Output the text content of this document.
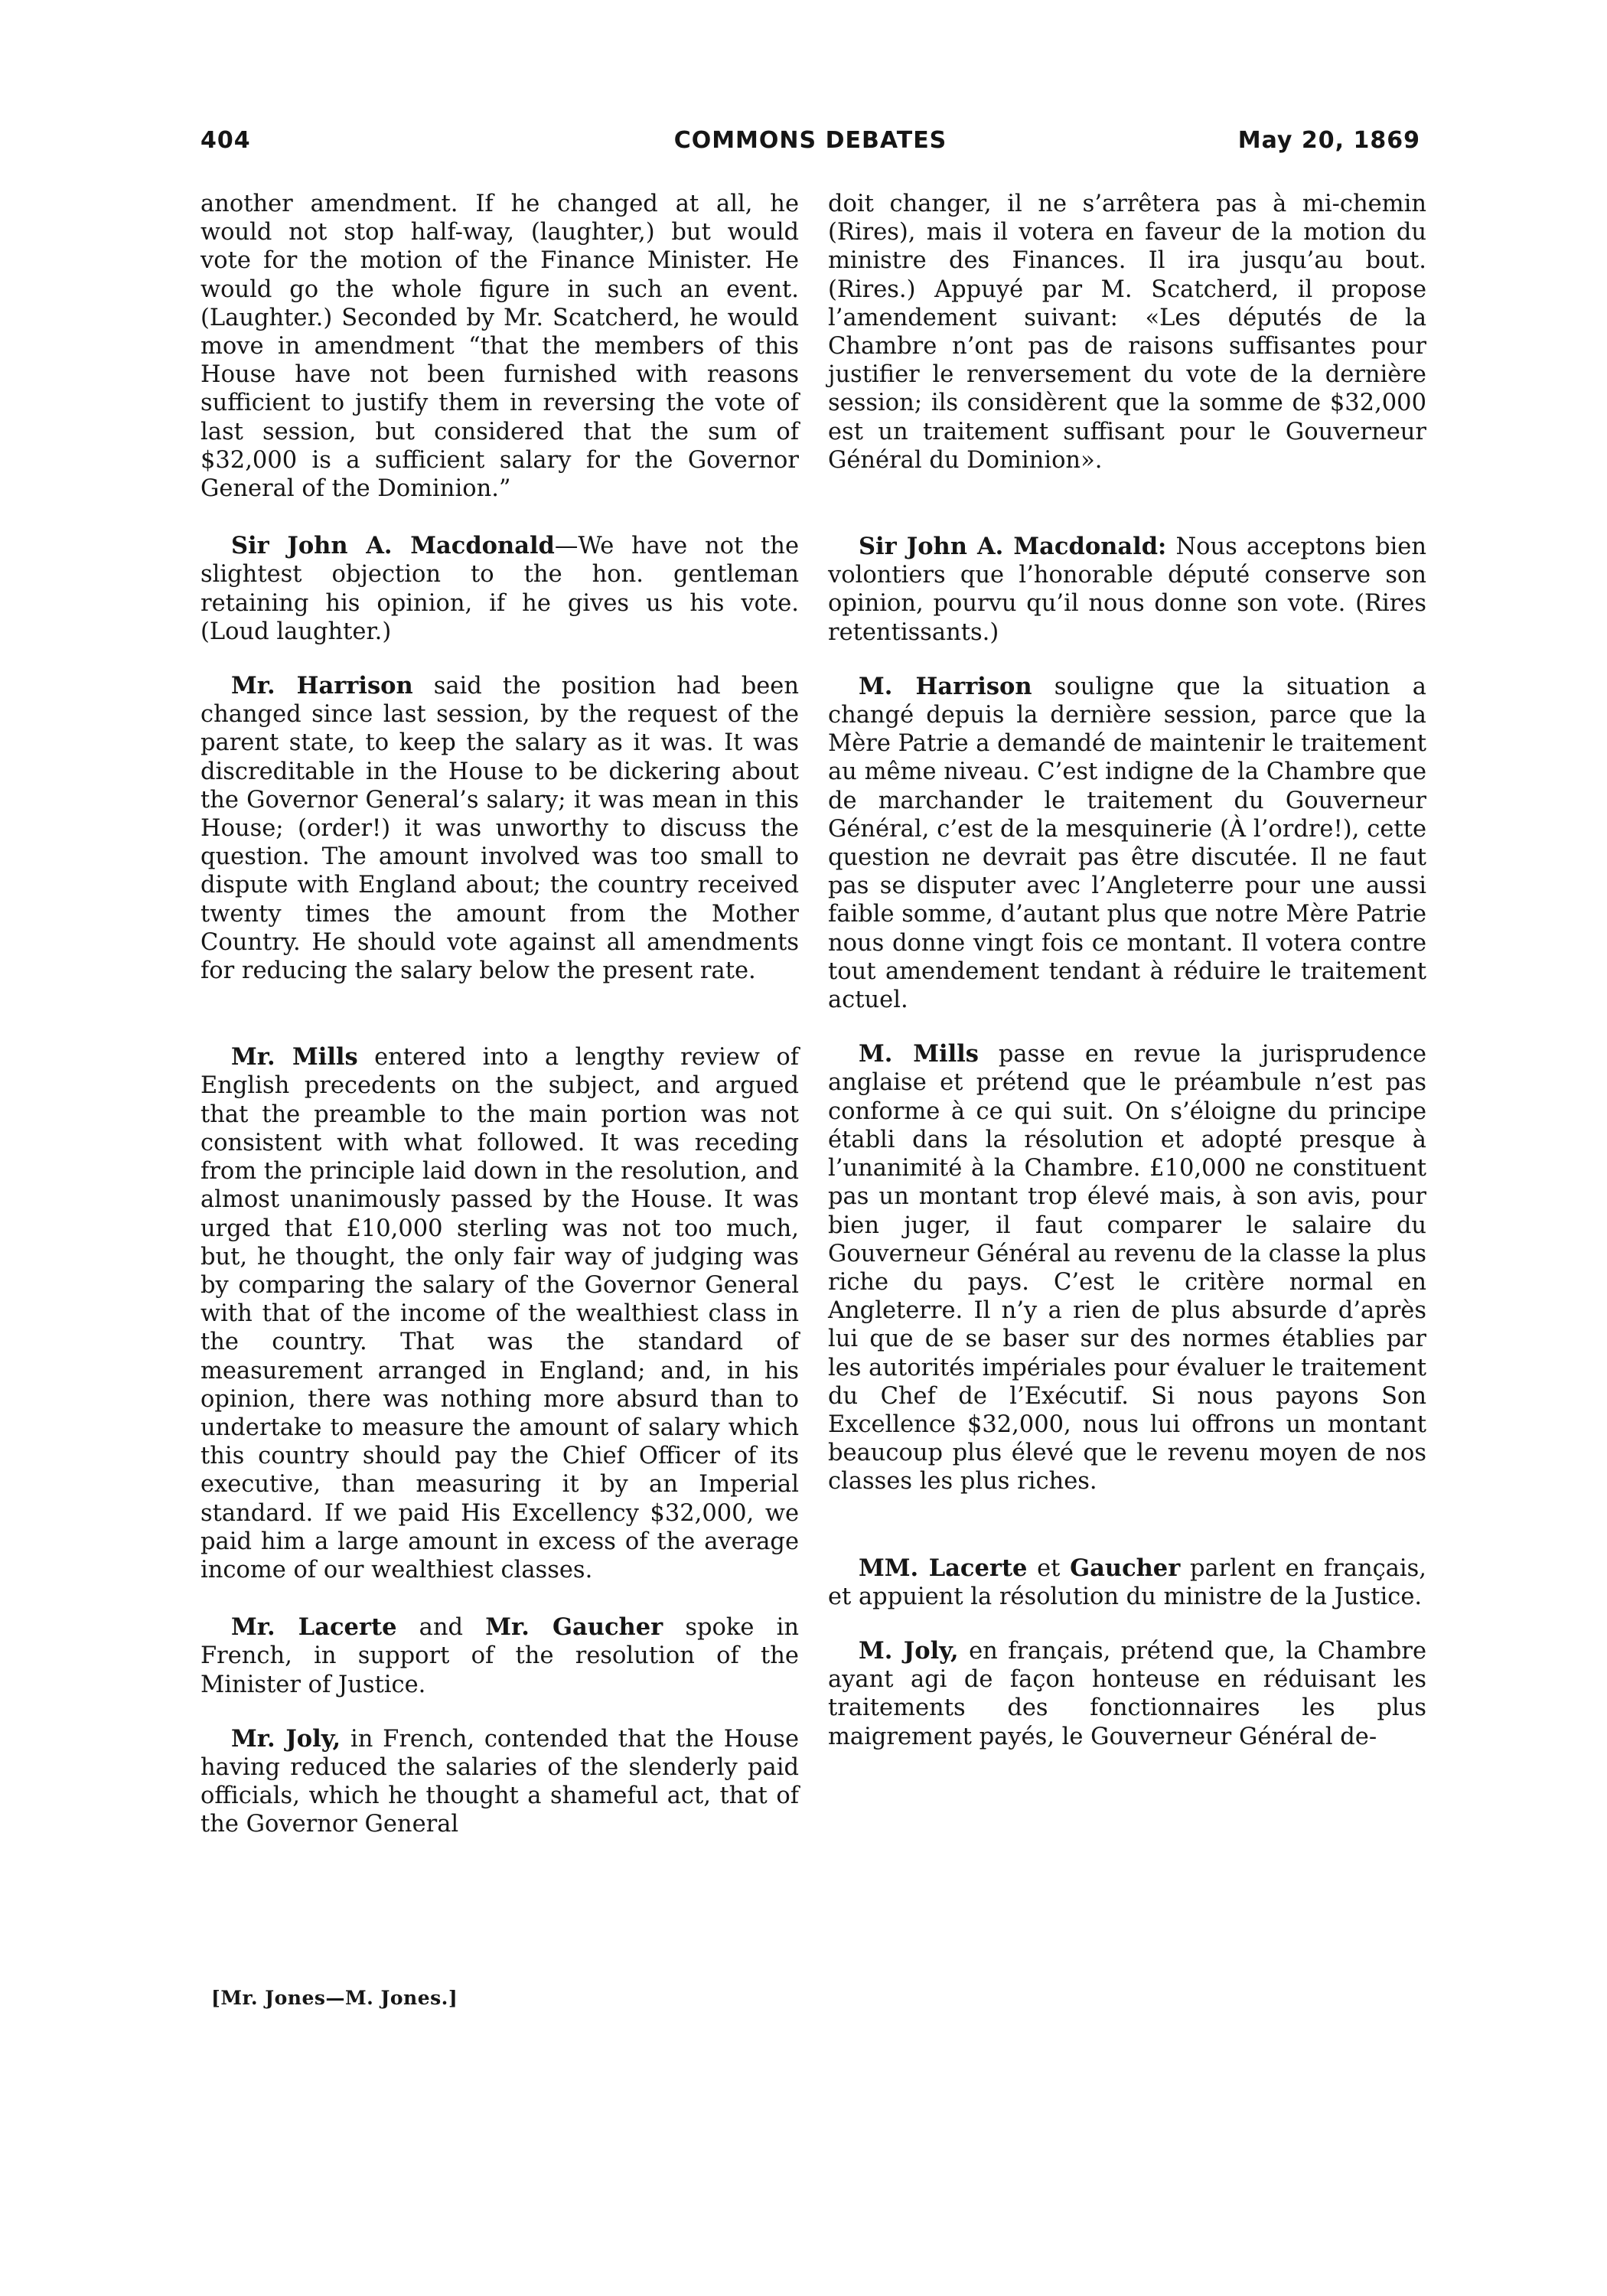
404	COMMONS DEBATES	May 20, 1869

another amendment. If he changed at all, he would not stop half-way, (laughter,) but would vote for the motion of the Finance Minister. He would go the whole figure in such an event. (Laughter.) Seconded by Mr. Scatcherd, he would move in amendment “that the members of this House have not been furnished with reasons sufficient to justify them in reversing the vote of last session, but considered that the sum of $32,000 is a sufficient salary for the Governor General of the Dominion.”

Sir John A. Macdonald—We have not the slightest objection to the hon. gentleman retaining his opinion, if he gives us his vote. (Loud laughter.)

Mr. Harrison said the position had been changed since last session, by the request of the parent state, to keep the salary as it was. It was discreditable in the House to be dickering about the Governor General’s salary; it was mean in this House; (order!) it was unworthy to discuss the question. The amount involved was too small to dispute with England about; the country received twenty times the amount from the Mother Country. He should vote against all amendments for reducing the salary below the present rate.

Mr. Mills entered into a lengthy review of English precedents on the subject, and argued that the preamble to the main portion was not consistent with what followed. It was receding from the principle laid down in the resolution, and almost unanimously passed by the House. It was urged that £10,000 sterling was not too much, but, he thought, the only fair way of judging was by comparing the salary of the Governor General with that of the income of the wealthiest class in the country. That was the standard of measurement arranged in England; and, in his opinion, there was nothing more absurd than to undertake to measure the amount of salary which this country should pay the Chief Officer of its executive, than measuring it by an Imperial standard. If we paid His Excellency $32,000, we paid him a large amount in excess of the average income of our wealthiest classes.

Mr. Lacerte and Mr. Gaucher spoke in French, in support of the resolution of the Minister of Justice.

Mr. Joly, in French, contended that the House having reduced the salaries of the slenderly paid officials, which he thought a shameful act, that of the Governor General

doit changer, il ne s’arrêtera pas à mi-chemin (Rires), mais il votera en faveur de la motion du ministre des Finances. Il ira jusqu’au bout. (Rires.) Appuyé par M. Scatcherd, il propose l’amendement suivant: «Les députés de la Chambre n’ont pas de raisons suffisantes pour justifier le renversement du vote de la dernière session; ils considèrent que la somme de $32,000 est un traitement suffisant pour le Gouverneur Général du Dominion».

Sir John A. Macdonald: Nous acceptons bien volontiers que l’honorable député conserve son opinion, pourvu qu’il nous donne son vote. (Rires retentissants.)

M. Harrison souligne que la situation a changé depuis la dernière session, parce que la Mère Patrie a demandé de maintenir le traitement au même niveau. C’est indigne de la Chambre que de marchander le traitement du Gouverneur Général, c’est de la mesquinerie (À l’ordre!), cette question ne devrait pas être discutée. Il ne faut pas se disputer avec l’Angleterre pour une aussi faible somme, d’autant plus que notre Mère Patrie nous donne vingt fois ce montant. Il votera contre tout amendement tendant à réduire le traitement actuel.

M. Mills passe en revue la jurisprudence anglaise et prétend que le préambule n’est pas conforme à ce qui suit. On s’éloigne du principe établi dans la résolution et adopté presque à l’unanimité à la Chambre. £10,000 ne constituent pas un montant trop élevé mais, à son avis, pour bien juger, il faut comparer le salaire du Gouverneur Général au revenu de la classe la plus riche du pays. C’est le critère normal en Angleterre. Il n’y a rien de plus absurde d’après lui que de se baser sur des normes établies par les autorités impériales pour évaluer le traitement du Chef de l’Exécutif. Si nous payons Son Excellence $32,000, nous lui offrons un montant beaucoup plus élevé que le revenu moyen de nos classes les plus riches.

MM. Lacerte et Gaucher parlent en français, et appuient la résolution du ministre de la Justice.

M. Joly, en français, prétend que, la Chambre ayant agi de façon honteuse en réduisant les traitements des fonctionnaires les plus maigrement payés, le Gouverneur Général de-

[Mr. Jones—M. Jones.]
